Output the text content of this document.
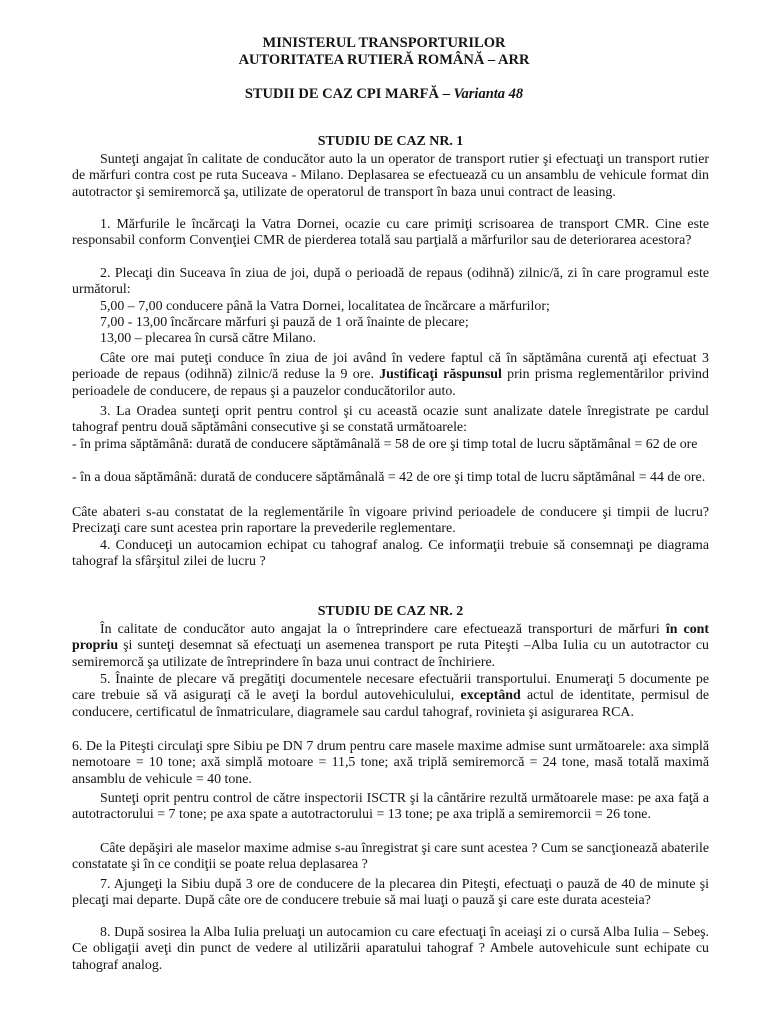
MINISTERUL TRANSPORTURILOR
AUTORITATEA RUTIERĂ ROMÂNĂ – ARR
STUDII DE CAZ CPI MARFĂ – Varianta 48
STUDIU DE CAZ NR. 1
Sunteţi angajat în calitate de conducător auto la un operator de transport rutier şi efectuaţi un transport rutier de mărfuri contra cost pe ruta Suceava - Milano. Deplasarea se efectuează cu un ansamblu de vehicule format din autotractor şi semiremorcă şa, utilizate de operatorul de transport în baza unui contract de leasing.
1. Mărfurile le încărcaţi la Vatra Dornei, ocazie cu care primiţi scrisoarea de transport CMR. Cine este responsabil conform Convenţiei CMR de pierderea totală sau parţială a mărfurilor sau de deteriorarea acestora?
2. Plecaţi din Suceava în ziua de joi, după o perioadă de repaus (odihnă) zilnic/ă, zi în care programul este următorul:
5,00 – 7,00 conducere până la Vatra Dornei, localitatea de încărcare a mărfurilor;
7,00 - 13,00 încărcare mărfuri şi pauză de 1 oră înainte de plecare;
13,00 – plecarea în cursă către Milano.
Câte ore mai puteţi conduce în ziua de joi având în vedere faptul că în săptămâna curentă aţi efectuat 3 perioade de repaus (odihnă) zilnic/ă reduse la 9 ore. Justificaţi răspunsul prin prisma reglementărilor privind perioadele de conducere, de repaus şi a pauzelor conducătorilor auto.
3. La Oradea sunteţi oprit pentru control şi cu această ocazie sunt analizate datele înregistrate pe cardul tahograf pentru două săptămâni consecutive şi se constată următoarele:
- în prima săptămână: durată de conducere săptămânală = 58 de ore şi timp total de lucru săptămânal = 62 de ore
- în a doua săptămână: durată de conducere săptămânală = 42 de ore şi timp total de lucru săptămânal = 44 de ore.
Câte abateri s-au constatat de la reglementările în vigoare privind perioadele de conducere şi timpii de lucru? Precizaţi care sunt acestea prin raportare la prevederile reglementare.
4. Conduceţi un autocamion echipat cu tahograf analog. Ce informaţii trebuie să consemnaţi pe diagrama tahograf la sfârşitul zilei de lucru ?
STUDIU DE CAZ NR. 2
În calitate de conducător auto angajat la o întreprindere care efectuează transporturi de mărfuri în cont propriu şi sunteţi desemnat să efectuaţi un asemenea transport pe ruta Piteşti –Alba Iulia cu un autotractor cu semiremorcă şa utilizate de întreprindere în baza unui contract de închiriere.
5. Înainte de plecare vă pregătiţi documentele necesare efectuării transportului. Enumeraţi 5 documente pe care trebuie să vă asiguraţi că le aveţi la bordul autovehiculului, exceptând actul de identitate, permisul de conducere, certificatul de înmatriculare, diagramele sau cardul tahograf, rovinieta şi asigurarea RCA.
6. De la Piteşti circulaţi spre Sibiu pe DN 7 drum pentru care masele maxime admise sunt următoarele: axa simplă nemotoare = 10 tone; axă simplă motoare = 11,5 tone; axă triplă semiremorcă = 24 tone, masă totală maximă ansamblu de vehicule = 40 tone.
Sunteţi oprit pentru control de către inspectorii ISCTR şi la cântărire rezultă următoarele mase: pe axa faţă a autotractorului = 7 tone; pe axa spate a autotractorului = 13 tone; pe axa triplă a semiremorcii = 26 tone.
Câte depăşiri ale maselor maxime admise s-au înregistrat şi care sunt acestea ? Cum se sancţionează abaterile constatate şi în ce condiţii se poate relua deplasarea ?
7. Ajungeţi la Sibiu după 3 ore de conducere de la plecarea din Piteşti, efectuaţi o pauză de 40 de minute şi plecaţi mai departe. După câte ore de conducere trebuie să mai luaţi o pauză şi care este durata acesteia?
8. După sosirea la Alba Iulia preluaţi un autocamion cu care efectuaţi în aceiaşi zi o cursă Alba Iulia – Sebeş. Ce obligaţii aveţi din punct de vedere al utilizării aparatului tahograf ? Ambele autovehicule sunt echipate cu tahograf analog.
